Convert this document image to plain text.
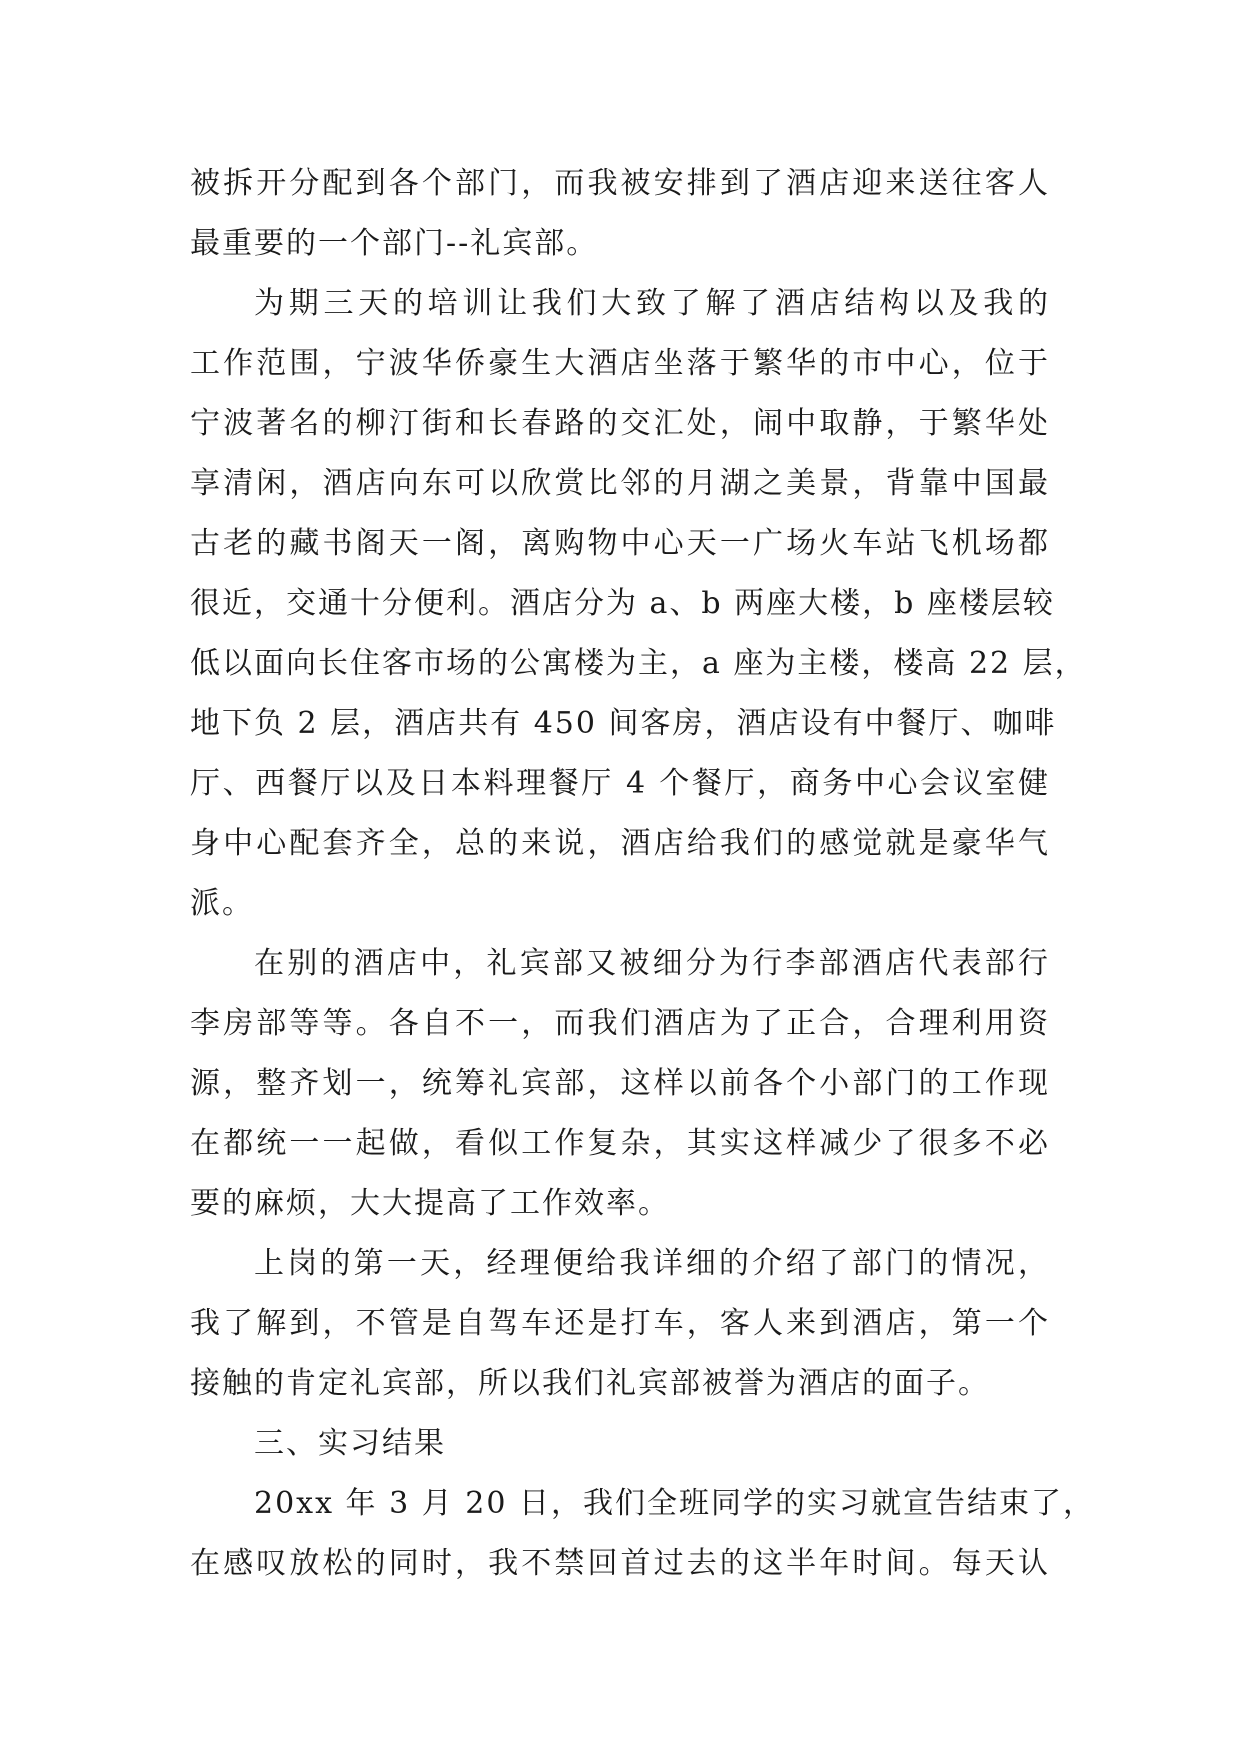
被拆开分配到各个部门，而我被安排到了酒店迎来送往客人
最重要的一个部门--礼宾部。
为期三天的培训让我们大致了解了酒店结构以及我的
工作范围，宁波华侨豪生大酒店坐落于繁华的市中心，位于
宁波著名的柳汀街和长春路的交汇处，闹中取静，于繁华处
享清闲，酒店向东可以欣赏比邻的月湖之美景，背靠中国最
古老的藏书阁天一阁，离购物中心天一广场火车站飞机场都
很近，交通十分便利。酒店分为 a、b 两座大楼，b 座楼层较
低以面向长住客市场的公寓楼为主，a 座为主楼，楼高 22 层，
地下负 2 层，酒店共有 450 间客房，酒店设有中餐厅、咖啡
厅、西餐厅以及日本料理餐厅 4 个餐厅，商务中心会议室健
身中心配套齐全，总的来说，酒店给我们的感觉就是豪华气
派。
在别的酒店中，礼宾部又被细分为行李部酒店代表部行
李房部等等。各自不一，而我们酒店为了正合，合理利用资
源，整齐划一，统筹礼宾部，这样以前各个小部门的工作现
在都统一一起做，看似工作复杂，其实这样减少了很多不必
要的麻烦，大大提高了工作效率。
上岗的第一天，经理便给我详细的介绍了部门的情况，
我了解到，不管是自驾车还是打车，客人来到酒店，第一个
接触的肯定礼宾部，所以我们礼宾部被誉为酒店的面子。
三、实习结果
20xx 年 3 月 20 日，我们全班同学的实习就宣告结束了，
在感叹放松的同时，我不禁回首过去的这半年时间。每天认
